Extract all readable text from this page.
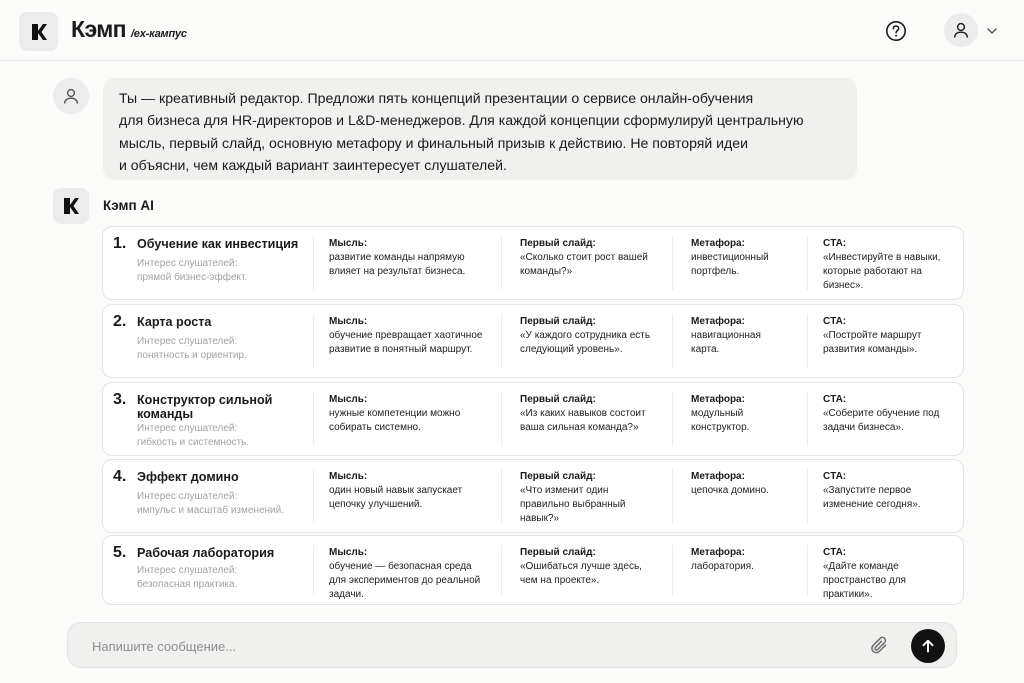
Кэмп /ex-кампус
Ты — креативный редактор. Предложи пять концепций презентации о сервисе онлайн-обучения
для бизнеса для HR-директоров и L&D-менеджеров. Для каждой концепции сформулируй центральную
мысль, первый слайд, основную метафору и финальный призыв к действию. Не повторяй идеи
и объясни, чем каждый вариант заинтересует слушателей.
Кэмп AI
1. Обучение как инвестиция
Интерес слушателей:
прямой бизнес-эффект.
Мысль:
развитие команды напрямую влияет на результат бизнеса.
Первый слайд:
«Сколько стоит рост вашей команды?»
Метафора:
инвестиционный портфель.
CTA:
«Инвестируйте в навыки, которые работают на бизнес».
2. Карта роста
Интерес слушателей:
понятность и ориентир.
Мысль:
обучение превращает хаотичное развитие в понятный маршрут.
Первый слайд:
«У каждого сотрудника есть следующий уровень».
Метафора:
навигационная карта.
CTA:
«Постройте маршрут развития команды».
3. Конструктор сильной команды
Интерес слушателей:
гибкость и системность.
Мысль:
нужные компетенции можно собирать системно.
Первый слайд:
«Из каких навыков состоит ваша сильная команда?»
Метафора:
модульный конструктор.
CTA:
«Соберите обучение под задачи бизнеса».
4. Эффект домино
Интерес слушателей:
импульс и масштаб изменений.
Мысль:
один новый навык запускает цепочку улучшений.
Первый слайд:
«Что изменит один правильно выбранный навык?»
Метафора:
цепочка домино.
CTA:
«Запустите первое изменение сегодня».
5. Рабочая лаборатория
Интерес слушателей:
безопасная практика.
Мысль:
обучение — безопасная среда для экспериментов до реальной задачи.
Первый слайд:
«Ошибаться лучше здесь, чем на проекте».
Метафора:
лаборатория.
CTA:
«Дайте команде пространство для практики».
Напишите сообщение...
